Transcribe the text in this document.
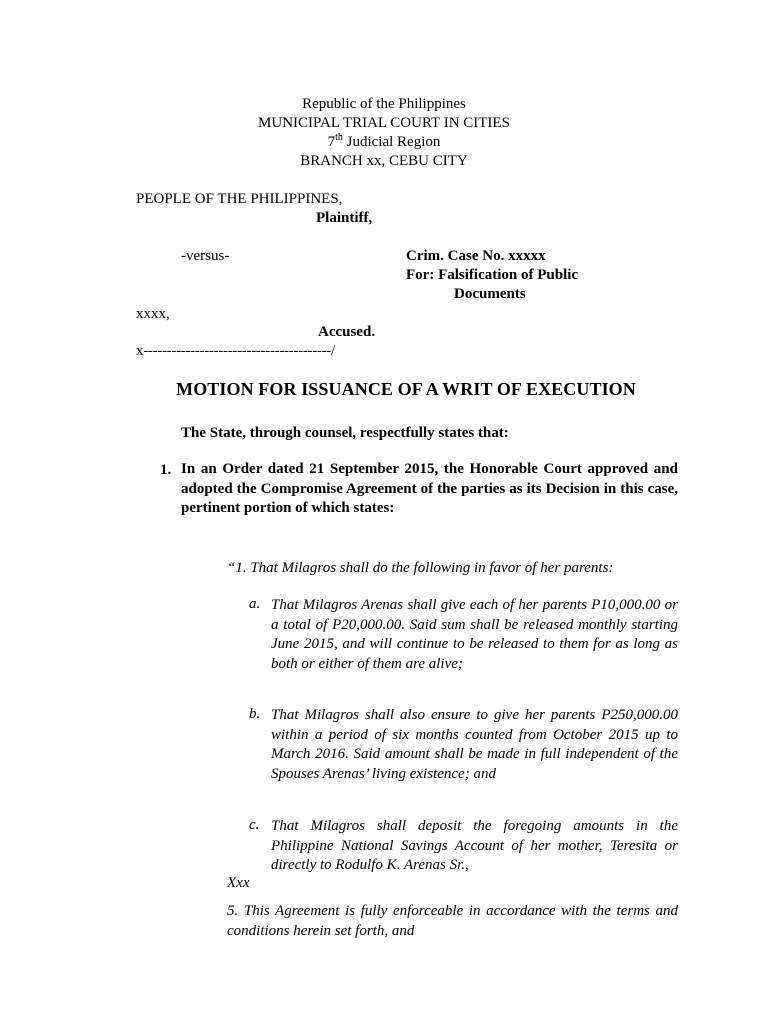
Republic of the Philippines
MUNICIPAL TRIAL COURT IN CITIES
7th Judicial Region
BRANCH xx, CEBU CITY
PEOPLE OF THE PHILIPPINES,
Plaintiff,
-versus-	Crim. Case No. xxxxx
For: Falsification of Public
Documents
xxxx,
Accused.
x----------------------------------------/
MOTION FOR ISSUANCE OF A WRIT OF EXECUTION
The State, through counsel, respectfully states that:
1. In an Order dated 21 September 2015, the Honorable Court approved and adopted the Compromise Agreement of the parties as its Decision in this case, pertinent portion of which states:
“1. That Milagros shall do the following in favor of her parents:
a. That Milagros Arenas shall give each of her parents P10,000.00 or a total of P20,000.00. Said sum shall be released monthly starting June 2015, and will continue to be released to them for as long as both or either of them are alive;
b. That Milagros shall also ensure to give her parents P250,000.00 within a period of six months counted from October 2015 up to March 2016. Said amount shall be made in full independent of the Spouses Arenas’ living existence; and
c. That Milagros shall deposit the foregoing amounts in the Philippine National Savings Account of her mother, Teresita or directly to Rodulfo K. Arenas Sr.,
Xxx
5. This Agreement is fully enforceable in accordance with the terms and conditions herein set forth, and
